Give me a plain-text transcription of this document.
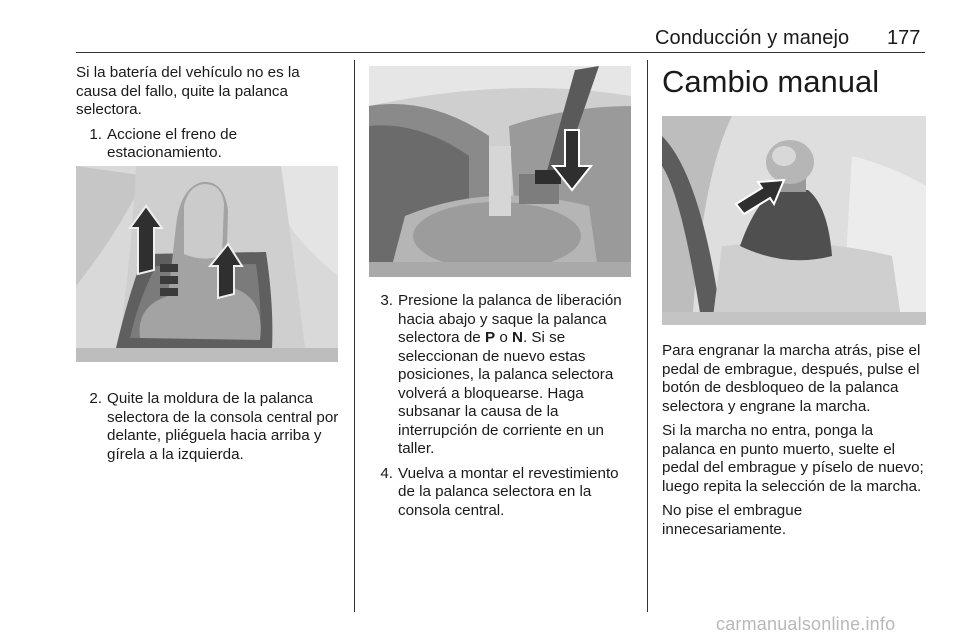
Conducción y manejo 177

Si la batería del vehículo no es la causa del fallo, quite la palanca selectora.

1. Accione el freno de estacionamiento.
2. Quite la moldura de la palanca selectora de la consola central por delante, pliéguela hacia arriba y gírela a la izquierda.
3. Presione la palanca de liberación hacia abajo y saque la palanca selectora de P o N. Si se seleccionan de nuevo estas posiciones, la palanca selectora volverá a bloquearse. Haga subsanar la causa de la interrupción de corriente en un taller.
4. Vuelva a montar el revestimiento de la palanca selectora en la consola central.
Cambio manual

Para engranar la marcha atrás, pise el pedal de embrague, después, pulse el botón de desbloqueo de la palanca selectora y engrane la marcha.

Si la marcha no entra, ponga la palanca en punto muerto, suelte el pedal del embrague y píselo de nuevo; luego repita la selección de la marcha.

No pise el embrague innecesariamente.

carmanualsonline.info
